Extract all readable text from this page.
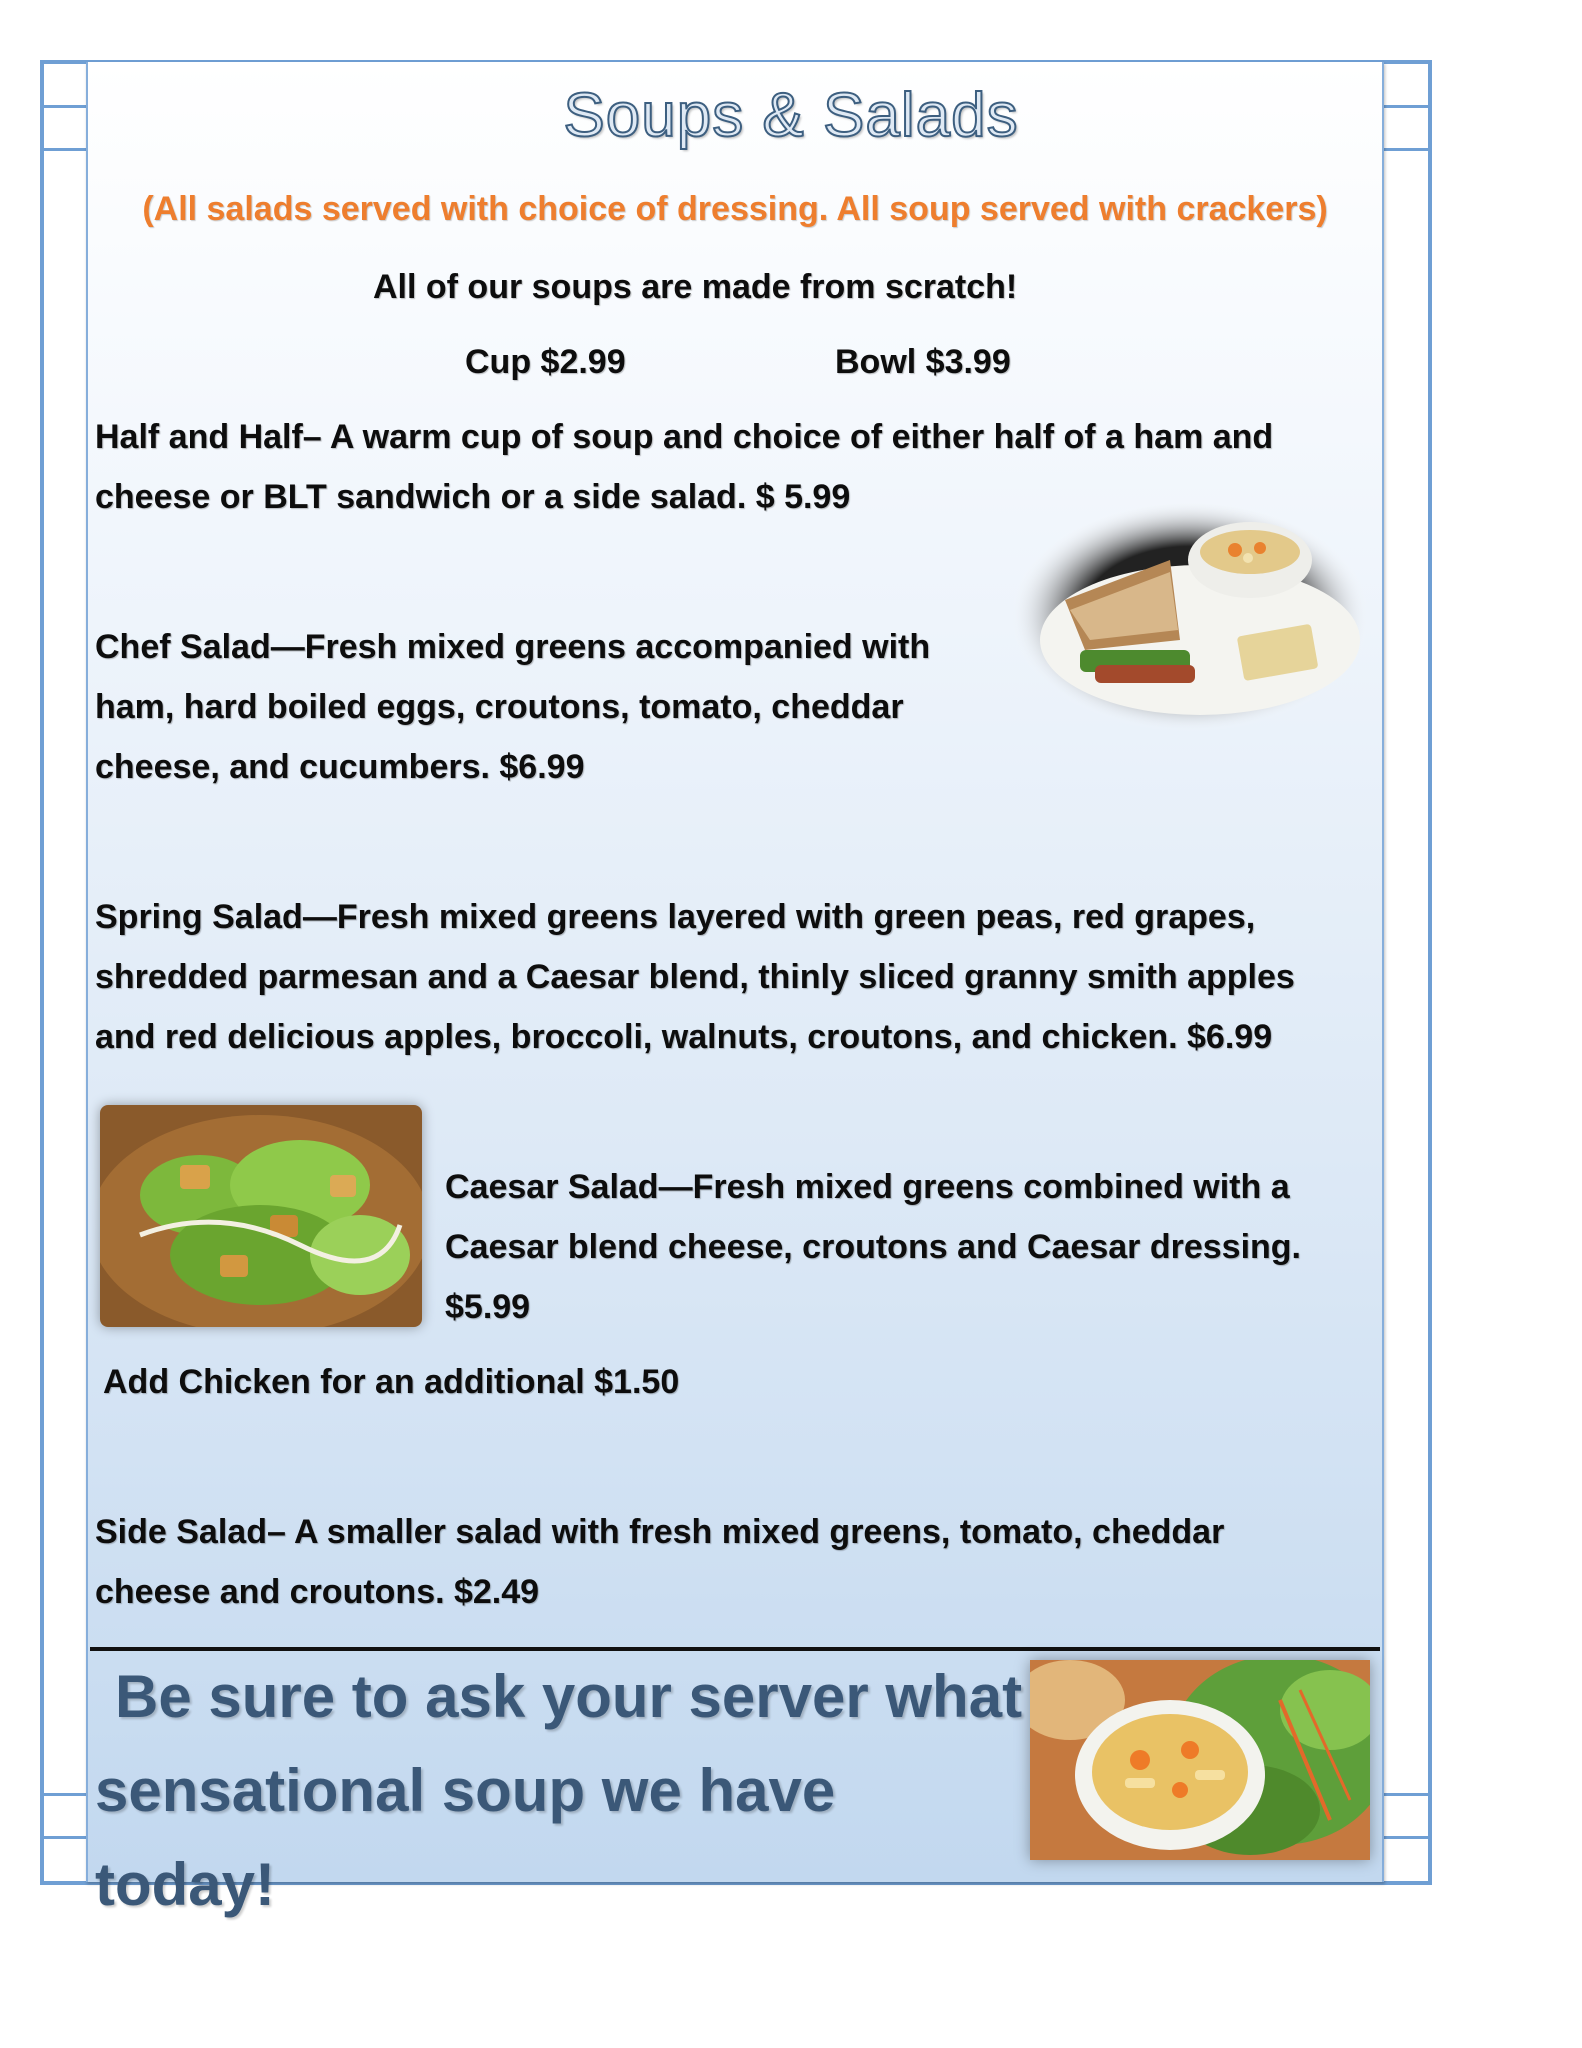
Soups & Salads
(All salads served with choice of dressing. All soup served with crackers)
All of our soups are made from scratch!
Cup $2.99	Bowl $3.99
Half and Half– A warm cup of soup and choice of either half of a ham and
cheese or BLT sandwich or a side salad. $ 5.99
Chef Salad—Fresh mixed greens accompanied with
ham, hard boiled eggs, croutons, tomato, cheddar
cheese, and cucumbers. $6.99
Spring Salad—Fresh mixed greens layered with green peas, red grapes,
shredded parmesan and a Caesar blend, thinly sliced granny smith apples
and red delicious apples, broccoli, walnuts, croutons, and chicken. $6.99
Caesar Salad—Fresh mixed greens combined with a
Caesar blend cheese, croutons and Caesar dressing.
$5.99
Add Chicken for an additional $1.50
Side Salad– A smaller salad with fresh mixed greens, tomato, cheddar
cheese and croutons. $2.49
Be sure to ask your server what
sensational soup we have today!
